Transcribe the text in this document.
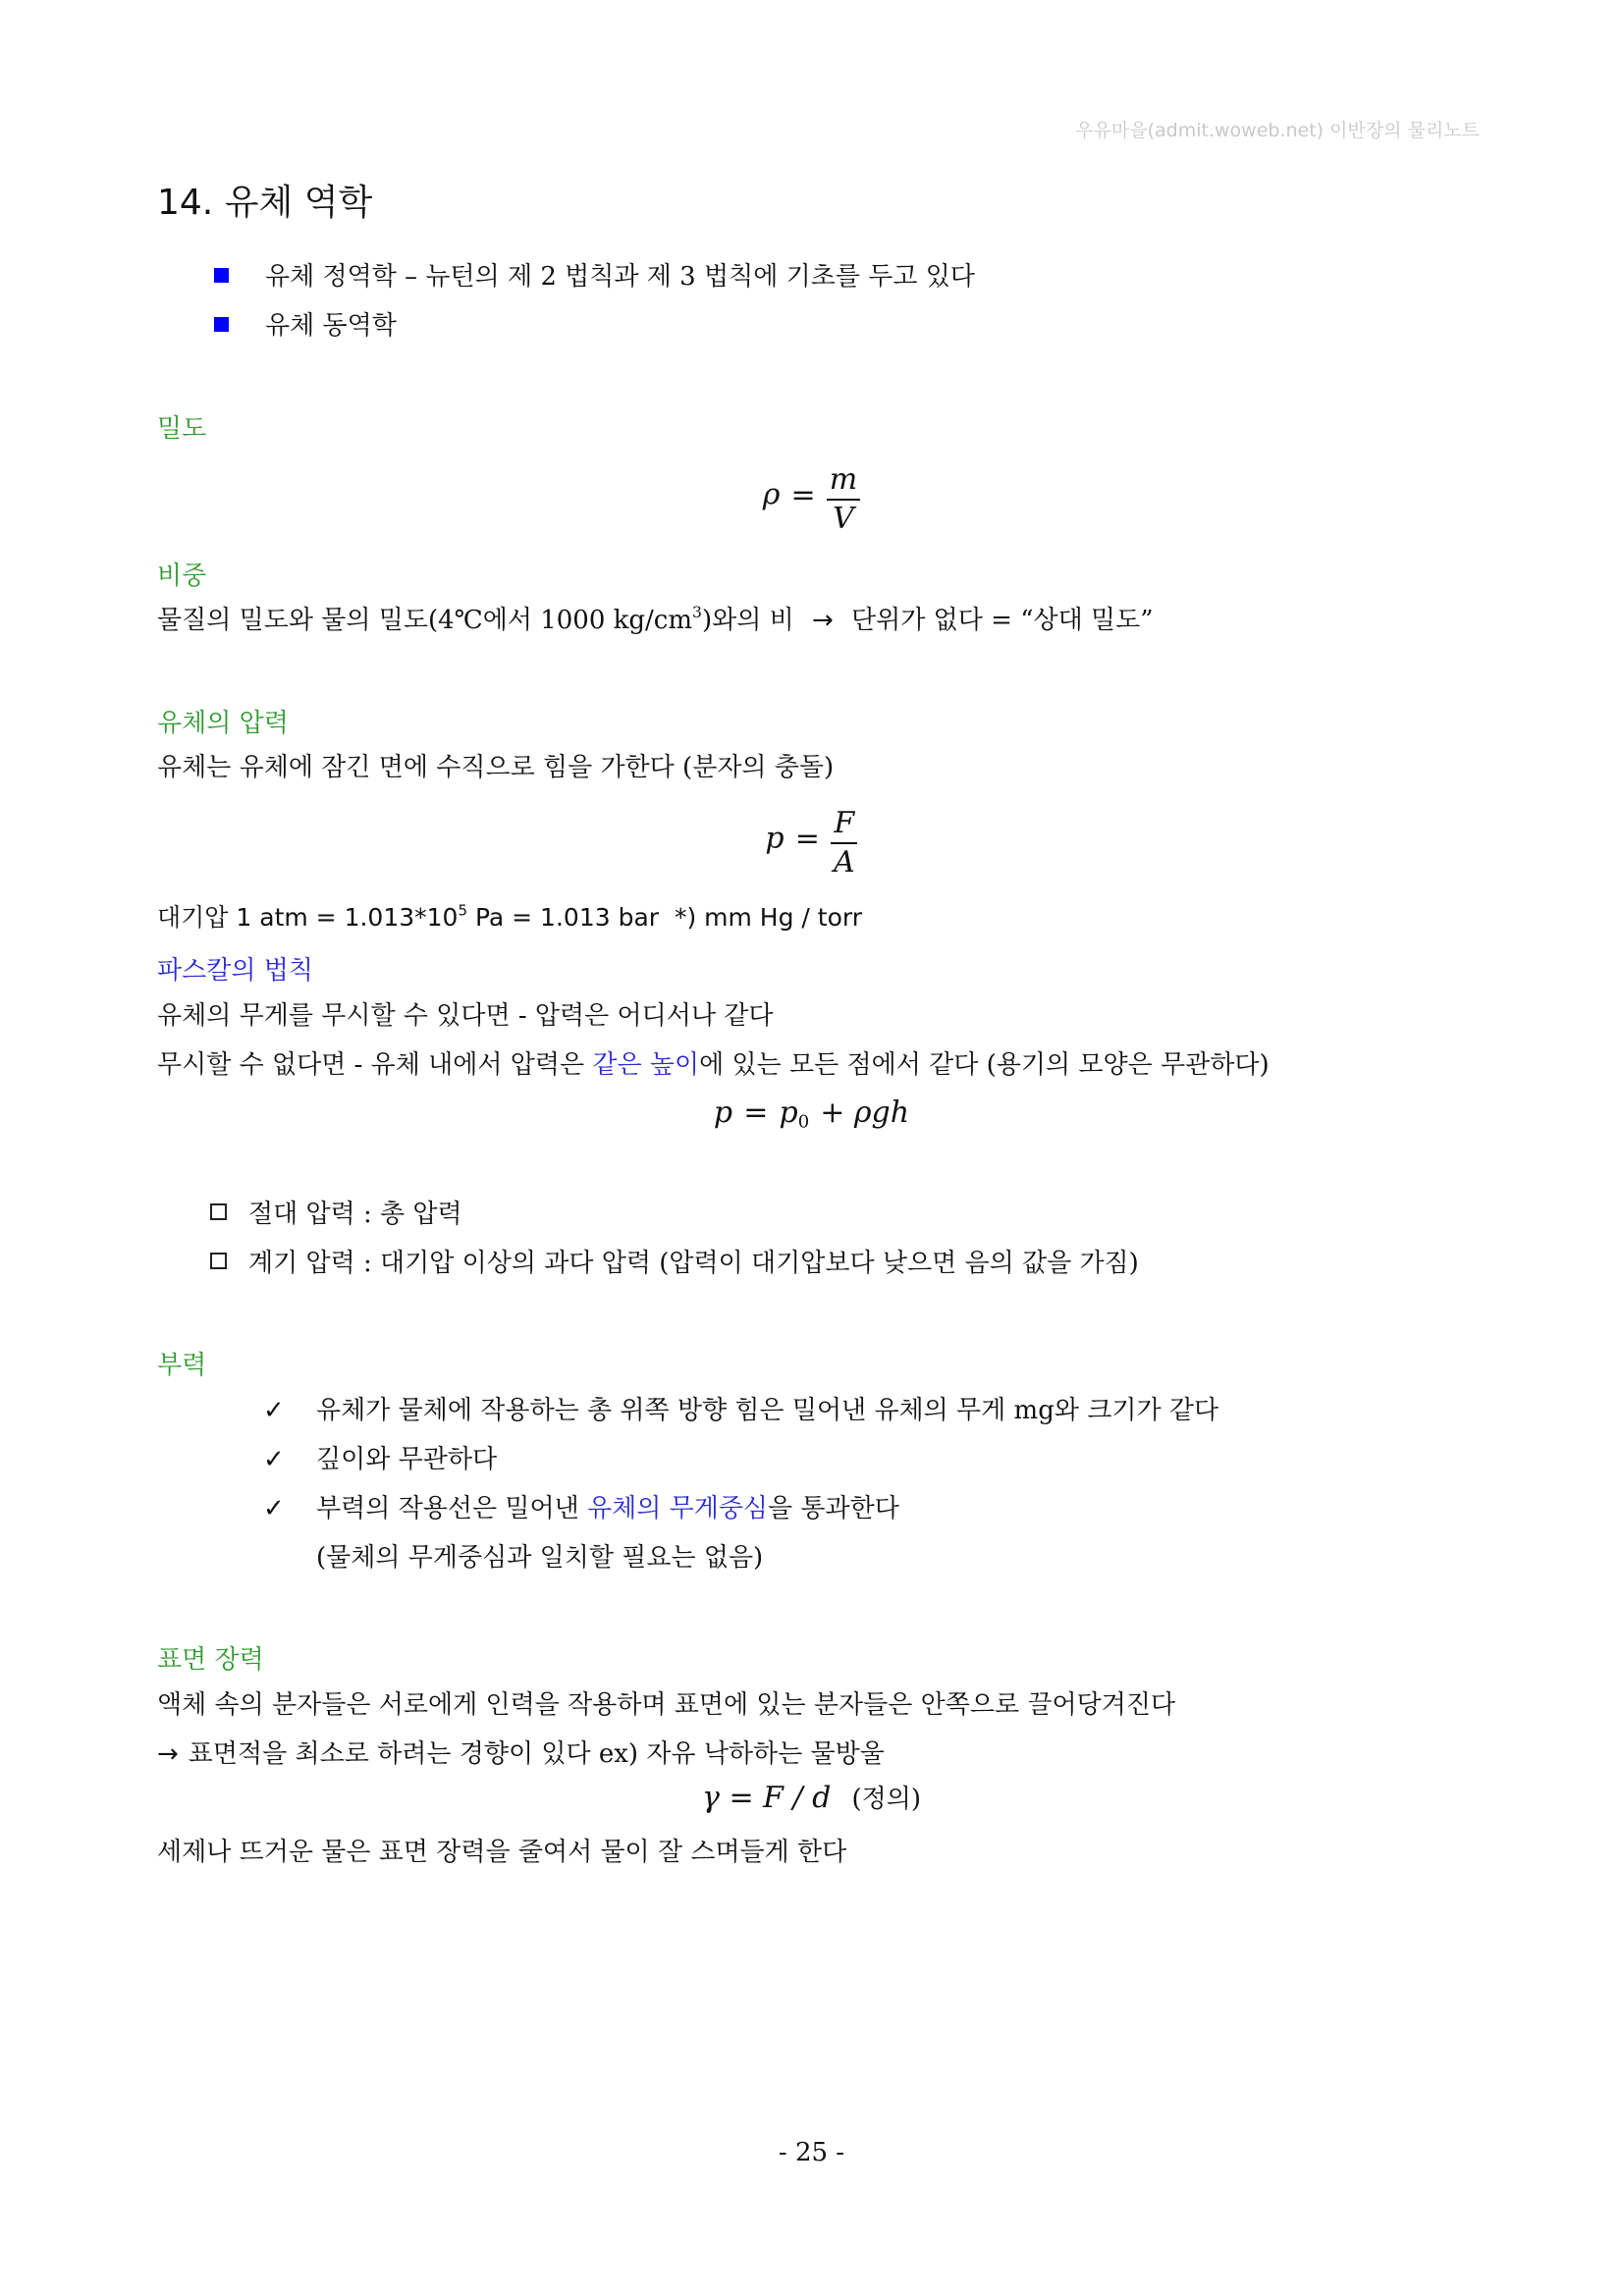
우유마을(admit.woweb.net) 이반장의 물리노트
14. 유체 역학
유체 정역학 – 뉴턴의 제 2 법칙과 제 3 법칙에 기초를 두고 있다
유체 동역학
밀도
$\rho = \frac{m}{V}$
비중
물질의 밀도와 물의 밀도(4℃에서 1000 $kg/cm^3$)와의 비 → 단위가 없다 = “상대 밀도”
유체의 압력
유체는 유체에 잠긴 면에 수직으로 힘을 가한다 (분자의 충돌)
$p = \frac{F}{A}$
대기압 1 atm = $1.013*10^5$ Pa = 1.013 bar  *) mm Hg / torr
파스칼의 법칙
유체의 무게를 무시할 수 있다면 - 압력은 어디서나 같다
무시할 수 없다면 - 유체 내에서 압력은 같은 높이에 있는 모든 점에서 같다 (용기의 모양은 무관하다)
$p = p_0 + \rho gh$
절대 압력 : 총 압력
계기 압력 : 대기압 이상의 과다 압력 (압력이 대기압보다 낮으면 음의 값을 가짐)
부력
✓ 유체가 물체에 작용하는 총 위쪽 방향 힘은 밀어낸 유체의 무게 mg와 크기가 같다
✓ 깊이와 무관하다
✓ 부력의 작용선은 밀어낸 유체의 무게중심을 통과한다
(물체의 무게중심과 일치할 필요는 없음)
표면 장력
액체 속의 분자들은 서로에게 인력을 작용하며 표면에 있는 분자들은 안쪽으로 끌어당겨진다
→ 표면적을 최소로 하려는 경향이 있다 ex) 자유 낙하하는 물방울
γ = F / d (정의)
세제나 뜨거운 물은 표면 장력을 줄여서 물이 잘 스며들게 한다
- 25 -
